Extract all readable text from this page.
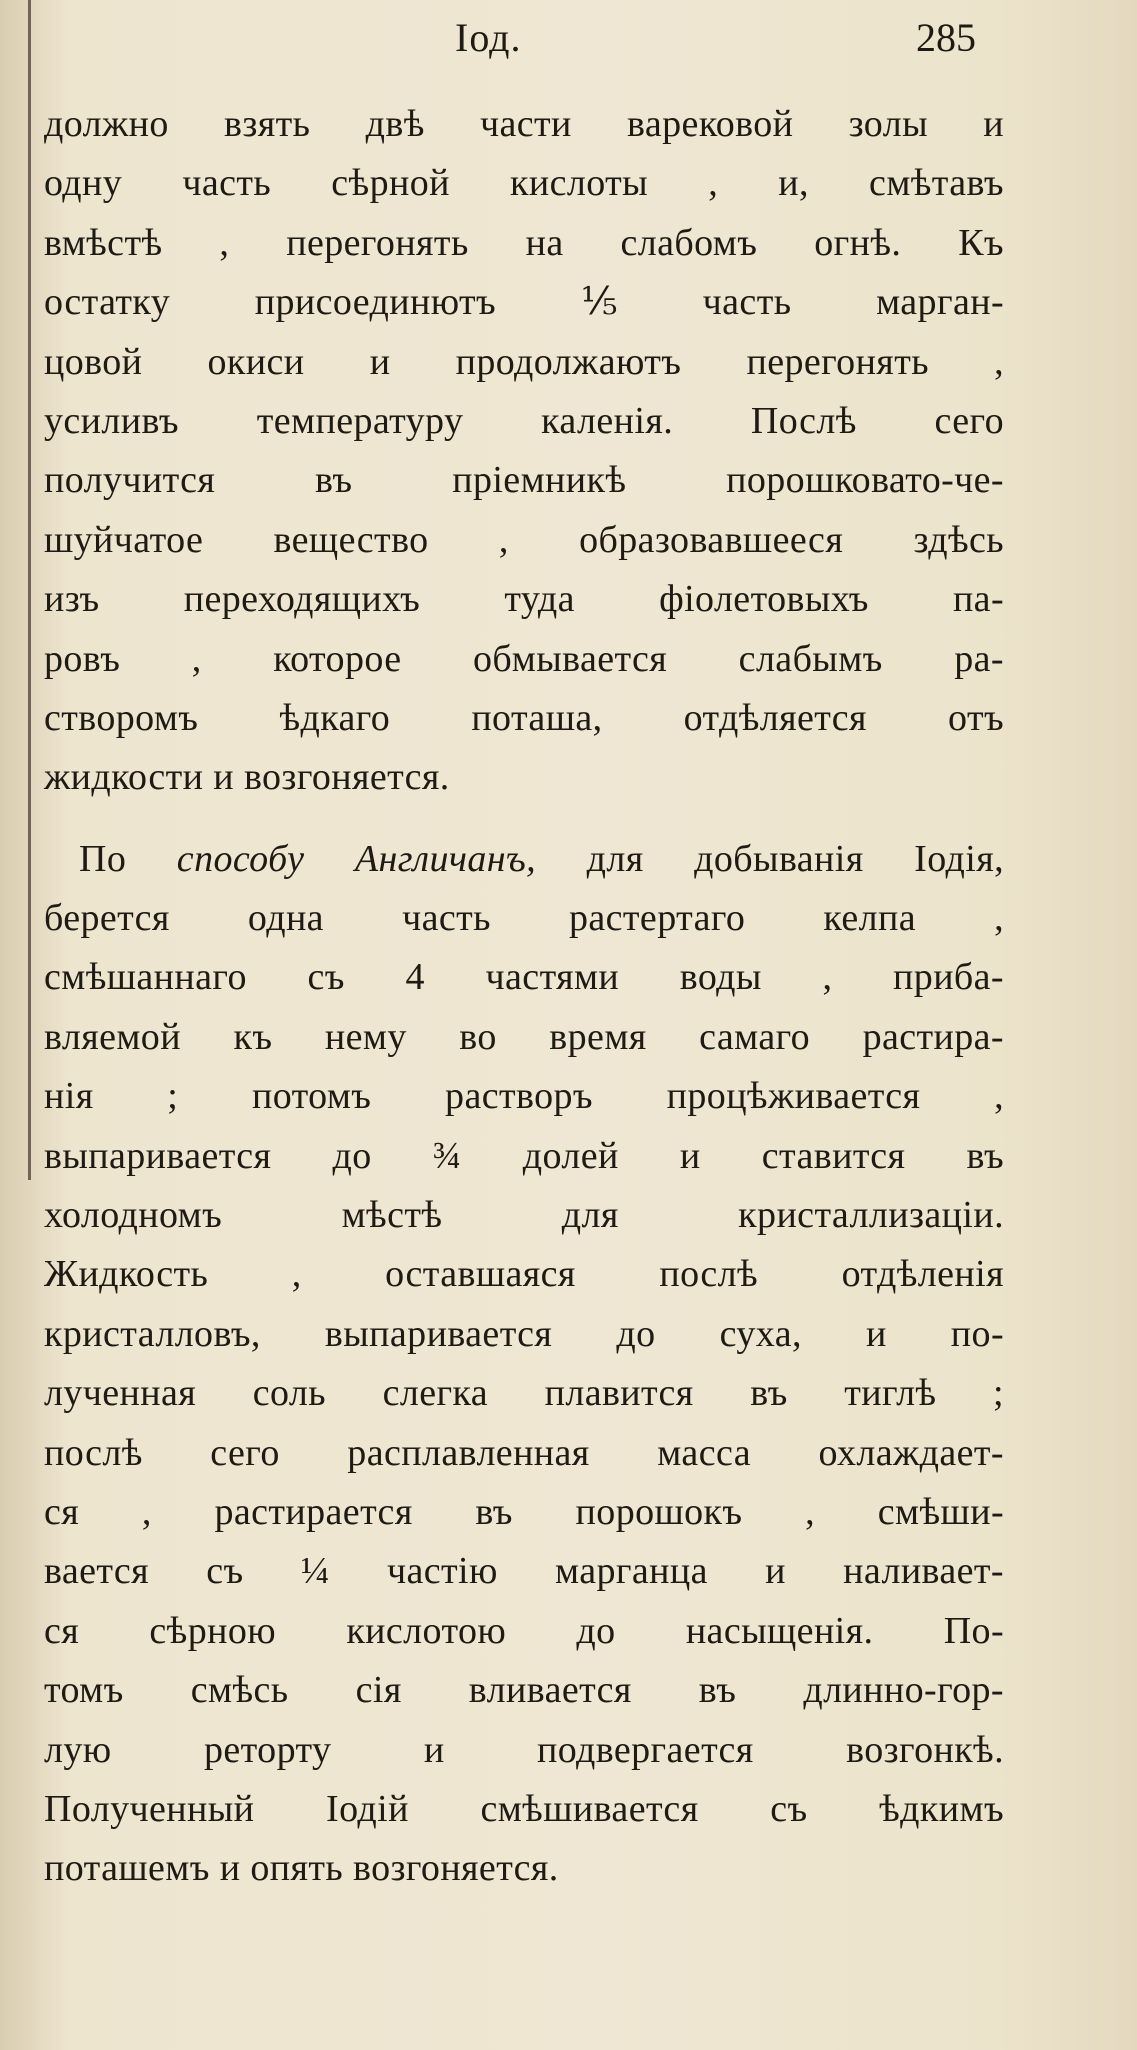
Іод.	285
должно взять двѣ части варековой золы и
одну часть сѣрной кислоты , и, смѣтавъ
вмѣстѣ , перегонять на слабомъ огнѣ. Къ
остатку присоединютъ ⅕ часть марган-
цовой окиси и продолжаютъ перегонять ,
усиливъ температуру каленія. Послѣ сего
получится въ пріемникѣ порошковато-че-
шуйчатое вещество , образовавшееся здѣсь
изъ переходящихъ туда фіолетовыхъ па-
ровъ , которое обмывается слабымъ ра-
створомъ ѣдкаго поташа, отдѣляется отъ
жидкости и возгоняется.
По способу Англичанъ, для добыванія Іодія,
берется одна часть растертаго келпа ,
смѣшаннаго съ 4 частями воды , приба-
вляемой къ нему во время самаго растира-
нія ; потомъ растворъ процѣживается ,
выпаривается до ¾ долей и ставится въ
холодномъ мѣстѣ для кристаллизаціи.
Жидкость , оставшаяся послѣ отдѣленія
кристалловъ, выпаривается до суха, и по-
лученная соль слегка плавится въ тиглѣ ;
послѣ сего расплавленная масса охлаждает-
ся , растирается въ порошокъ , смѣши-
вается съ ¼ частію марганца и наливает-
ся сѣрною кислотою до насыщенія. По-
томъ смѣсь сія вливается въ длинно-гор-
лую реторту и подвергается возгонкѣ.
Полученный Іодій смѣшивается съ ѣдкимъ
поташемъ и опять возгоняется.
